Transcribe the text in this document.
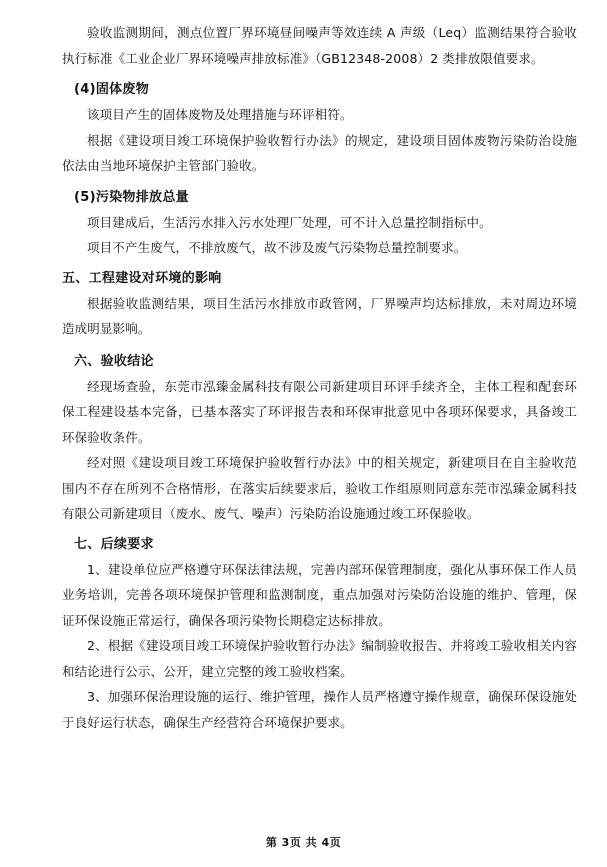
验收监测期间，测点位置厂界环境昼间噪声等效连续 A 声级（Leq）监测结果符合验收执行标准《工业企业厂界环境噪声排放标准》（GB12348-2008）2 类排放限值要求。

(4)固体废物

该项目产生的固体废物及处理措施与环评相符。

根据《建设项目竣工环境保护验收暂行办法》的规定，建设项目固体废物污染防治设施依法由当地环境保护主管部门验收。

(5)污染物排放总量

项目建成后，生活污水排入污水处理厂处理，可不计入总量控制指标中。

项目不产生废气，不排放废气，故不涉及废气污染物总量控制要求。

五、工程建设对环境的影响

根据验收监测结果，项目生活污水排放市政管网，厂界噪声均达标排放，未对周边环境造成明显影响。

六、验收结论

经现场查验，东莞市泓臻金属科技有限公司新建项目环评手续齐全，主体工程和配套环保工程建设基本完备，已基本落实了环评报告表和环保审批意见中各项环保要求，具备竣工环保验收条件。

经对照《建设项目竣工环境保护验收暂行办法》中的相关规定，新建项目在自主验收范围内不存在所列不合格情形，在落实后续要求后，验收工作组原则同意东莞市泓臻金属科技有限公司新建项目（废水、废气、噪声）污染防治设施通过竣工环保验收。

七、后续要求

1、建设单位应严格遵守环保法律法规，完善内部环保管理制度，强化从事环保工作人员业务培训，完善各项环境保护管理和监测制度，重点加强对污染防治设施的维护、管理，保证环保设施正常运行，确保各项污染物长期稳定达标排放。

2、根据《建设项目竣工环境保护验收暂行办法》编制验收报告、并将竣工验收相关内容和结论进行公示、公开，建立完整的竣工验收档案。

3、加强环保治理设施的运行、维护管理，操作人员严格遵守操作规章，确保环保设施处于良好运行状态，确保生产经营符合环境保护要求。

第 3页 共 4页
